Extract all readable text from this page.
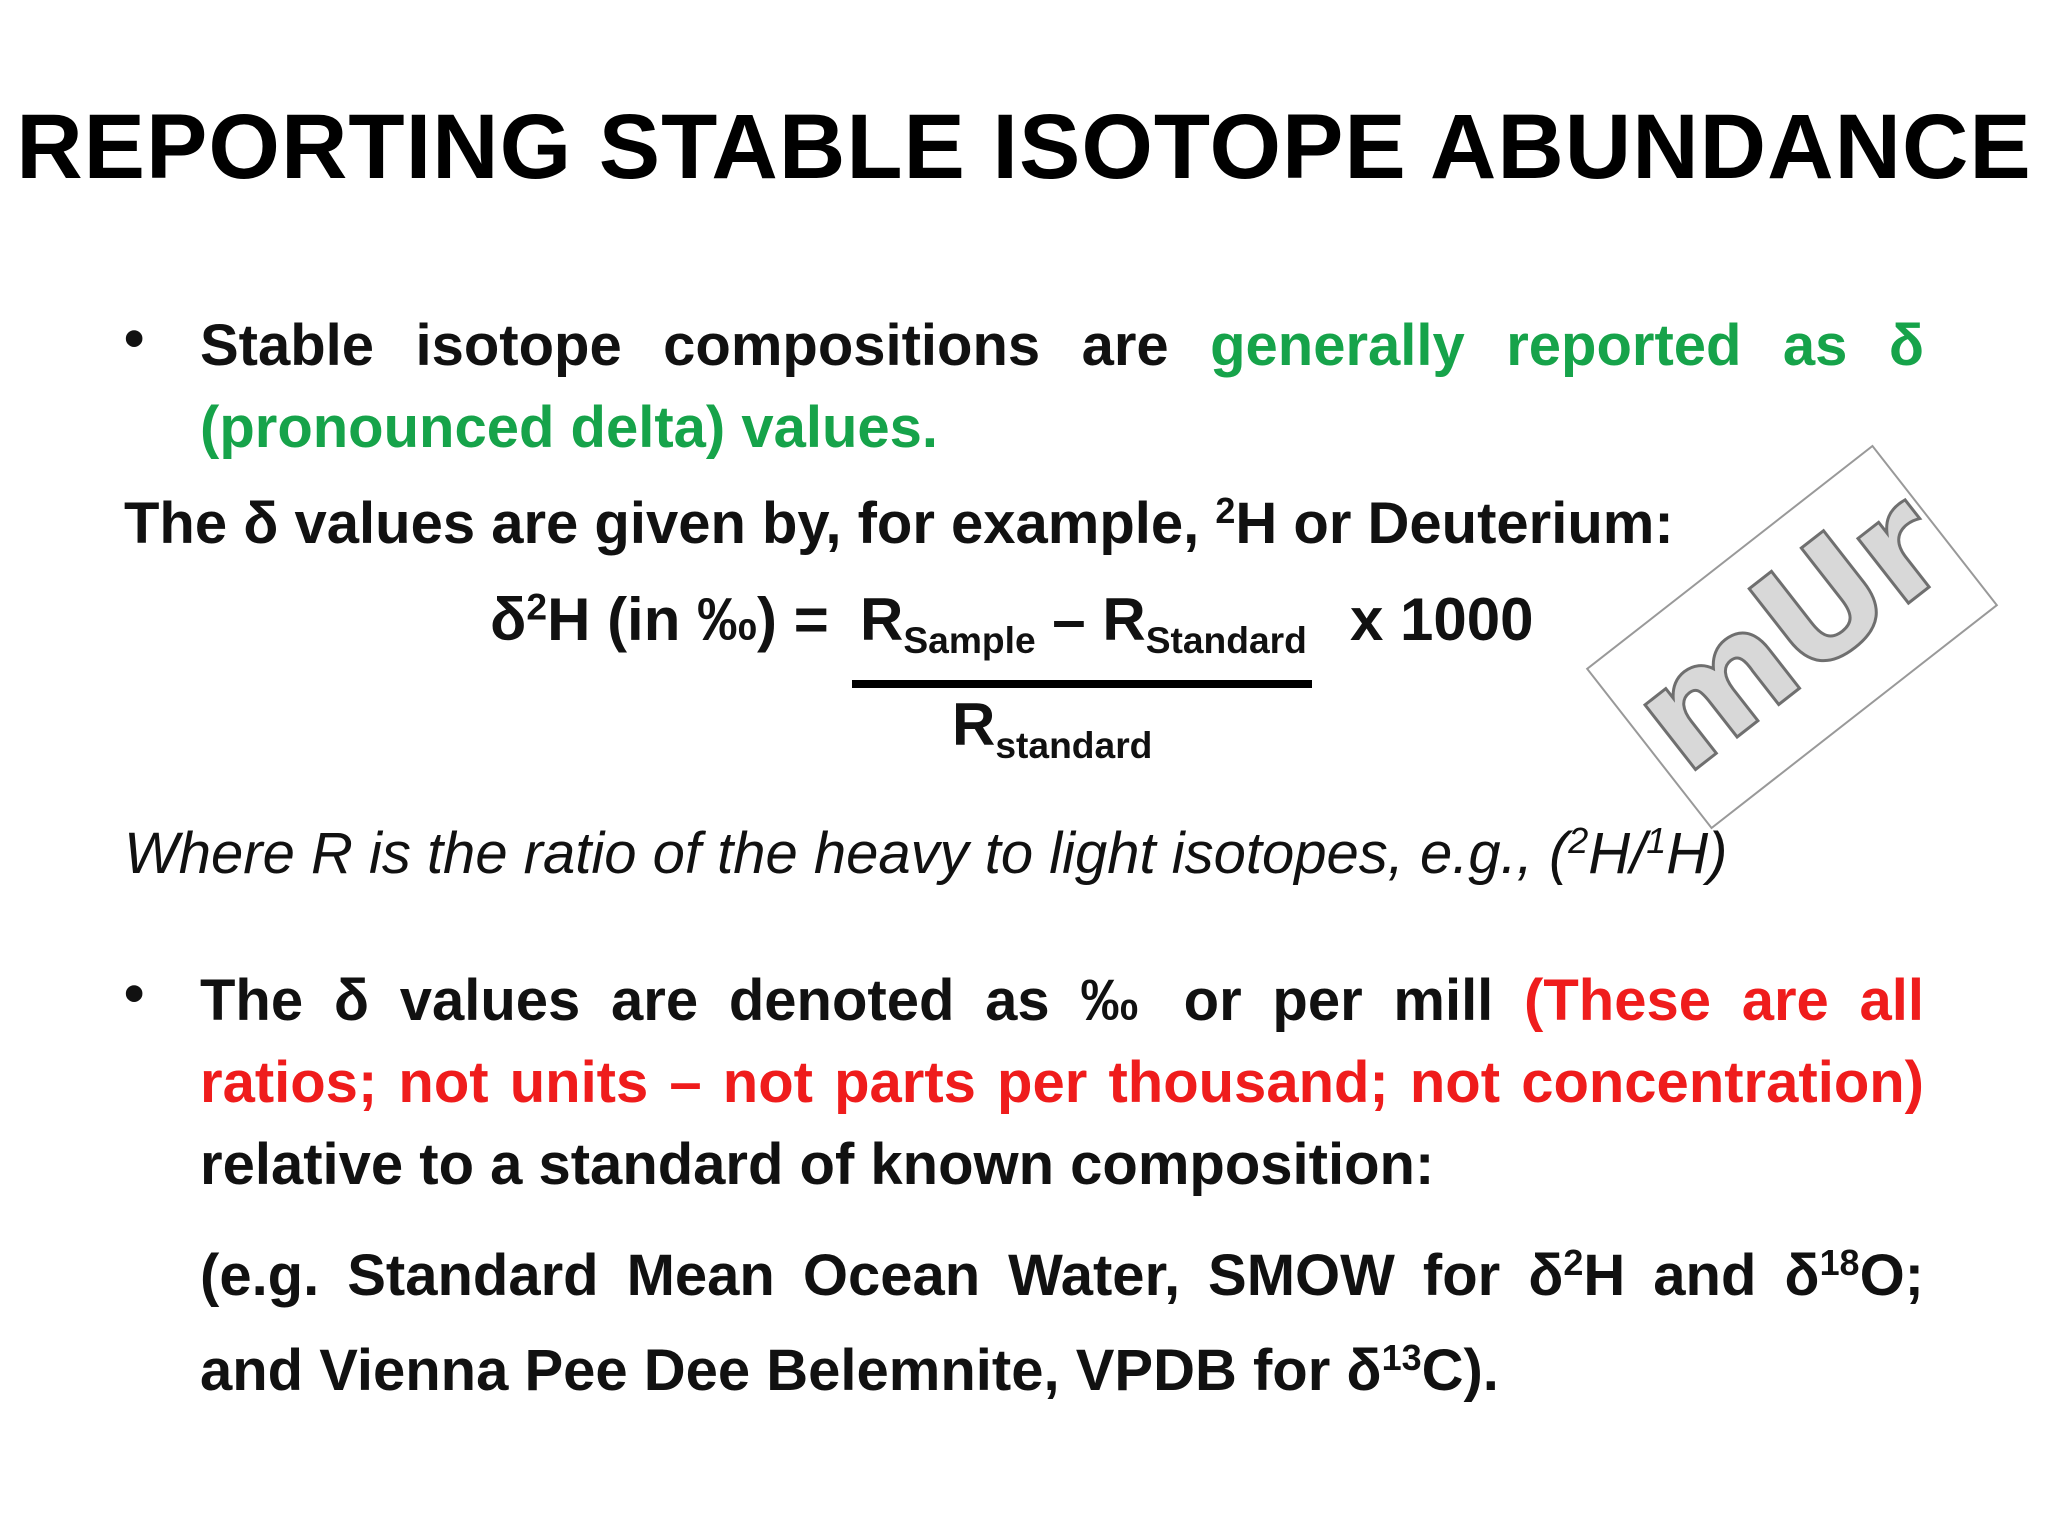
REPORTING STABLE ISOTOPE ABUNDANCE
• Stable isotope compositions are generally reported as δ (pronounced delta) values.
The δ values are given by, for example, $^2$H or Deuterium:
$\delta^2H$ (in ‰) = $R_{Sample} - R_{Standard}$ x 1000
$R_{standard}$	mUr
Where R is the ratio of the heavy to light isotopes, e.g., ($^2$H/$^1$H)
• The δ values are denoted as ‰ or per mill (These are all ratios; not units – not parts per thousand; not concentration) relative to a standard of known composition:
(e.g. Standard Mean Ocean Water, SMOW for $\delta^2H$ and $\delta^{18}O$; and Vienna Pee Dee Belemnite, VPDB for $\delta^{13}C$).
